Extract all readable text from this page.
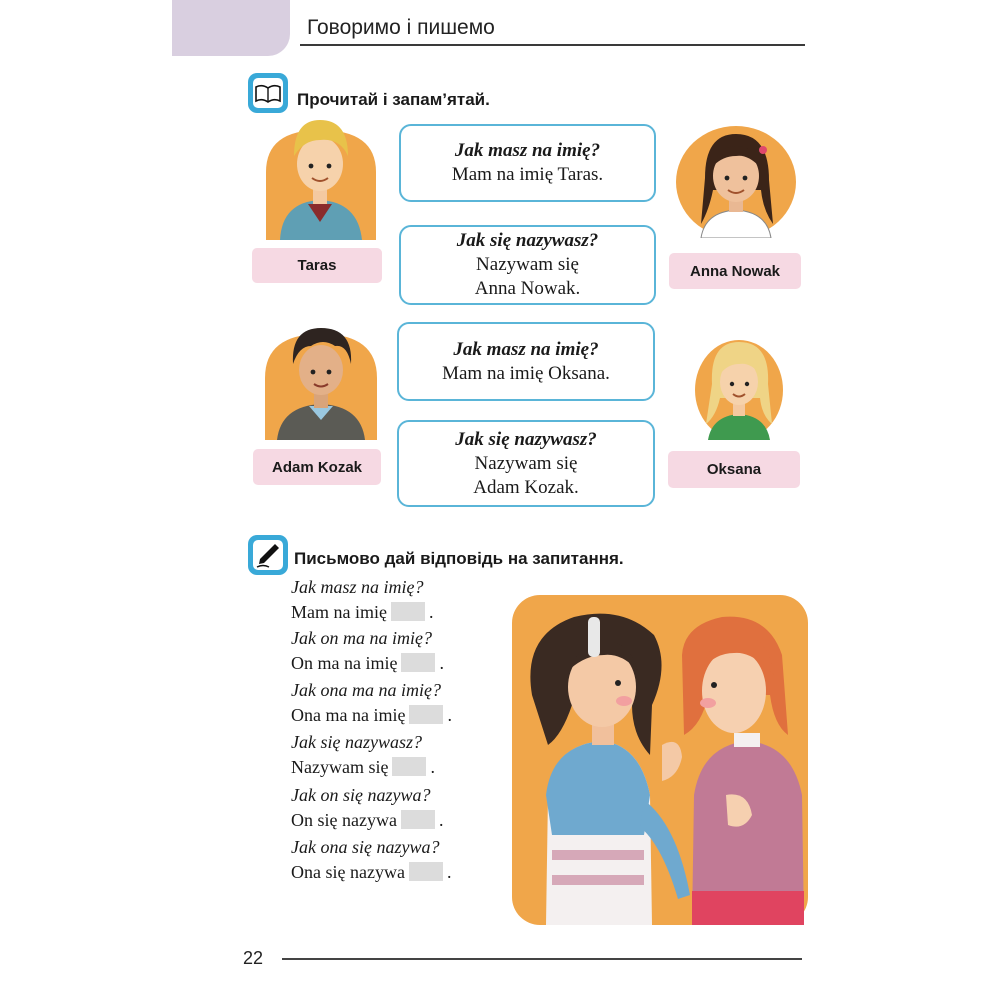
Говоримо і пишемо
Прочитай і запам’ятай.
Taras	Anna Nowak
Adam Kozak	Oksana
Jak masz na imię?
Mam na imię Taras.
Jak się nazywasz?
Nazywam się
Anna Nowak.
Jak masz na imię?
Mam na imię Oksana.
Jak się nazywasz?
Nazywam się
Adam Kozak.
Письмово дай відповідь на запитання.
Jak masz na imię?
Mam na imię .
Jak on ma na imię?
On ma na imię .
Jak ona ma na imię?
Ona ma na imię .
Jak się nazywasz?
Nazywam się .
Jak on się nazywa?
On się nazywa .
Jak ona się nazywa?
Ona się nazywa .
22
